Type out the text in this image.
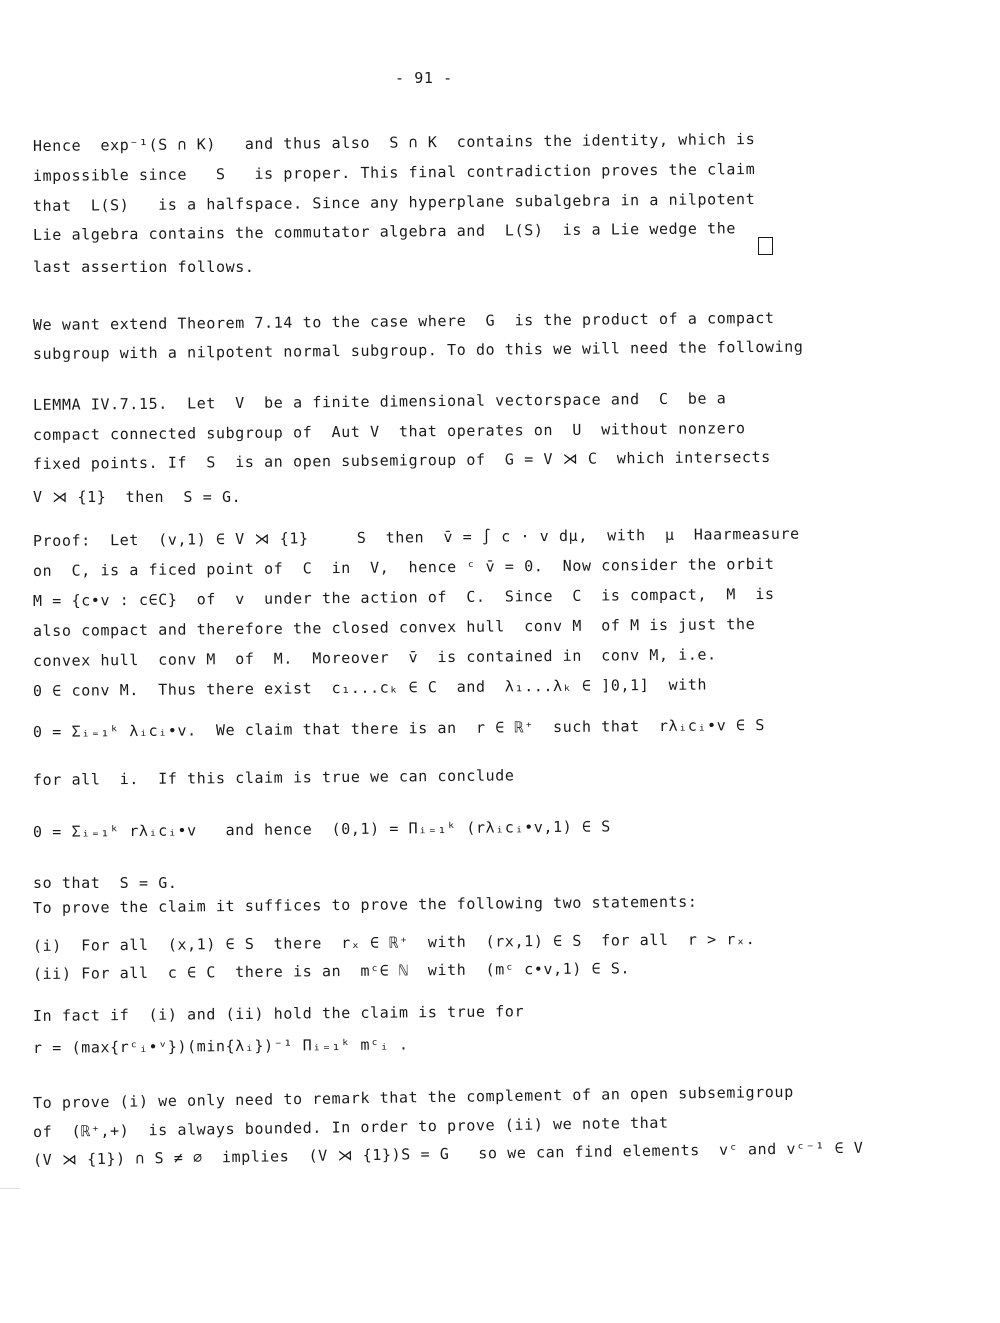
- 91 -
Hence  exp⁻¹(S ∩ K)   and thus also  S ∩ K  contains the identity, which is
impossible since   S   is proper. This final contradiction proves the claim
that  L(S)   is a halfspace. Since any hyperplane subalgebra in a nilpotent
Lie algebra contains the commutator algebra and  L(S)  is a Lie wedge the
last assertion follows.
We want extend Theorem 7.14 to the case where  G  is the product of a compact
subgroup with a nilpotent normal subgroup. To do this we will need the following
LEMMA IV.7.15.  Let  V  be a finite dimensional vectorspace and  C  be a
compact connected subgroup of  Aut V  that operates on  U  without nonzero
fixed points. If  S  is an open subsemigroup of  G = V ⋊ C  which intersects
V ⋊ {1}  then  S = G.
Proof:  Let  (v,1) ∈ V ⋊ {1}     S  then  v̄ = ∫ c · v dμ,  with  μ  Haarmeasure
on  C, is a ficed point of  C  in  V,  hence ᶜ v̄ = 0.  Now consider the orbit
M = {c•v : c∈C}  of  v  under the action of  C.  Since  C  is compact,  M  is
also compact and therefore the closed convex hull  conv M  of M is just the
convex hull  conv M  of  M.  Moreover  v̄  is contained in  conv M, i.e.
0 ∈ conv M.  Thus there exist  c₁...cₖ ∈ C  and  λ₁...λₖ ∈ ]0,1]  with
0 = Σᵢ₌₁ᵏ λᵢcᵢ•v.  We claim that there is an  r ∈ ℝ⁺  such that  rλᵢcᵢ•v ∈ S
for all  i.  If this claim is true we can conclude
0 = Σᵢ₌₁ᵏ rλᵢcᵢ•v   and hence  (0,1) = Πᵢ₌₁ᵏ (rλᵢcᵢ•v,1) ∈ S
so that  S = G.
To prove the claim it suffices to prove the following two statements:
(i)  For all  (x,1) ∈ S  there  rₓ ∈ ℝ⁺  with  (rx,1) ∈ S  for all  r > rₓ.
(ii) For all  c ∈ C  there is an  mᶜ∈ ℕ  with  (mᶜ c•v,1) ∈ S.
In fact if  (i) and (ii) hold the claim is true for
r = (max{rᶜᵢ•ᵛ})(min{λᵢ})⁻¹ Πᵢ₌₁ᵏ mᶜᵢ .
To prove (i) we only need to remark that the complement of an open subsemigroup
of  (ℝ⁺,+)  is always bounded. In order to prove (ii) we note that
(V ⋊ {1}) ∩ S ≠ ∅  implies  (V ⋊ {1})S = G   so we can find elements  vᶜ and vᶜ⁻¹ ∈ V
